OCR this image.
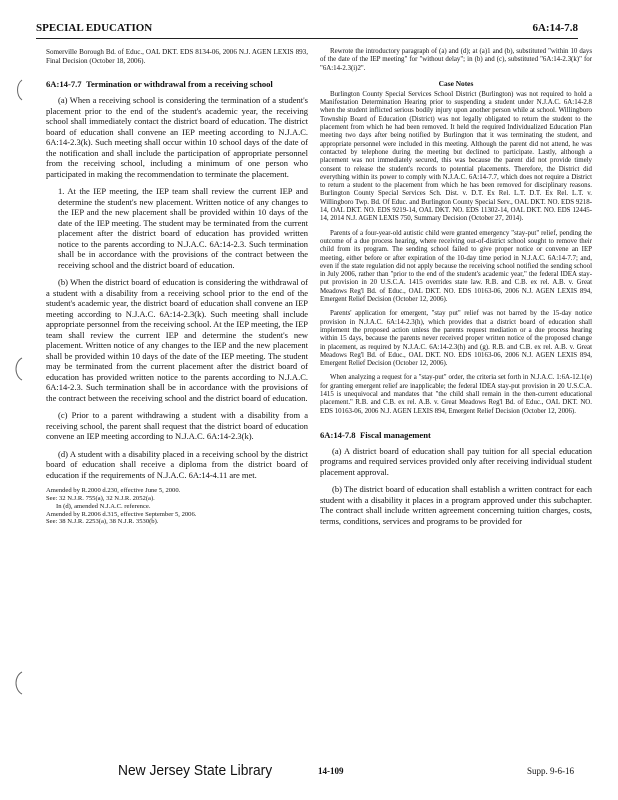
SPECIAL EDUCATION	6A:14-7.8

Somerville Borough Bd. of Educ., OAL DKT. EDS 8134-06, 2006 N.J. AGEN LEXIS 893, Final Decision (October 18, 2006).

6A:14-7.7 Termination or withdrawal from a receiving school

(a) When a receiving school is considering the termination of a student's placement prior to the end of the student's academic year, the receiving school shall immediately contact the district board of education. The district board of education shall convene an IEP meeting according to N.J.A.C. 6A:14-2.3(k). Such meeting shall occur within 10 school days of the date of the notification and shall include the participation of appropriate personnel from the receiving school, including a minimum of one person who participated in making the recommendation to terminate the placement.

1. At the IEP meeting, the IEP team shall review the current IEP and determine the student's new placement. Written notice of any changes to the IEP and the new placement shall be provided within 10 days of the date of the IEP meeting. The student may be terminated from the current placement after the district board of education has provided written notice to the parents according to N.J.A.C. 6A:14-2.3. Such termination shall be in accordance with the provisions of the contract between the receiving school and the district board of education.

(b) When the district board of education is considering the withdrawal of a student with a disability from a receiving school prior to the end of the student's academic year, the district board of education shall convene an IEP meeting according to N.J.A.C. 6A:14-2.3(k). Such meeting shall include appropriate personnel from the receiving school. At the IEP meeting, the IEP team shall review the current IEP and determine the student's new placement. Written notice of any changes to the IEP and the new placement shall be provided within 10 days of the date of the IEP meeting. The student may be terminated from the current placement after the district board of education has provided written notice to the parents according to N.J.A.C. 6A:14-2.3. Such termination shall be in accordance with the provisions of the contract between the receiving school and the district board of education.

(c) Prior to a parent withdrawing a student with a disability from a receiving school, the parent shall request that the district board of education convene an IEP meeting according to N.J.A.C. 6A:14-2.3(k).

(d) A student with a disability placed in a receiving school by the district board of education shall receive a diploma from the district board of education if the requirements of N.J.A.C. 6A:14-4.11 are met.

Amended by R.2000 d.230, effective June 5, 2000.
See: 32 N.J.R. 755(a), 32 N.J.R. 2052(a).
In (d), amended N.J.A.C. reference.
Amended by R.2006 d.315, effective September 5, 2006.
See: 38 N.J.R. 2253(a), 38 N.J.R. 3530(b).

Rewrote the introductory paragraph of (a) and (d); at (a)1 and (b), substituted "within 10 days of the date of the IEP meeting" for "without delay"; in (b) and (c), substituted "6A:14-2.3(k)" for "6A:14-2.3(i)2".

Case Notes

Burlington County Special Services School District (Burlington) was not required to hold a Manifestation Determination Hearing prior to suspending a student under N.J.A.C. 6A:14-2.8 when the student inflicted serious bodily injury upon another person while at school. Willingboro Township Board of Education (District) was not legally obligated to return the student to the placement from which he had been removed. It held the required Individualized Education Plan meeting two days after being notified by Burlington that it was terminating the student, and appropriate personnel were included in this meeting. Although the parent did not attend, he was contacted by telephone during the meeting but declined to participate. Lastly, although a placement was not immediately secured, this was because the parent did not provide timely consent to release the student's records to potential placements. Therefore, the District did everything within its power to comply with N.J.A.C. 6A:14-7.7, which does not require a District to return a student to the placement from which he has been removed for disciplinary reasons. Burlington County Special Services Sch. Dist. v. D.T. Ex Rel. L.T. D.T. Ex Rel. L.T. v. Willingboro Twp. Bd. Of Educ. and Burlington County Special Serv., OAL DKT. NO. EDS 9218-14, OAL DKT. NO. EDS 9219-14, OAL DKT. NO. EDS 11302-14, OAL DKT. NO. EDS 12445-14, 2014 N.J. AGEN LEXIS 750, Summary Decision (October 27, 2014).

Parents of a four-year-old autistic child were granted emergency "stay-put" relief, pending the outcome of a due process hearing, where receiving out-of-district school sought to remove their child from its program. The sending school failed to give proper notice or convene an IEP meeting, either before or after expiration of the 10-day time period in N.J.A.C. 6A:14-7.7; and, even if the state regulation did not apply because the receiving school notified the sending school in July 2006, rather than "prior to the end of the student's academic year," the federal IDEA stay-put provision in 20 U.S.C.A. 1415 overrides state law. R.B. and C.B. ex rel. A.B. v. Great Meadows Reg'l Bd. of Educ., OAL DKT. NO. EDS 10163-06, 2006 N.J. AGEN LEXIS 894, Emergent Relief Decision (October 12, 2006).

Parents' application for emergent, "stay put" relief was not barred by the 15-day notice provision in N.J.A.C. 6A:14-2.3(h), which provides that a district board of education shall implement the proposed action unless the parents request mediation or a due process hearing within 15 days, because the parents never received proper written notice of the proposed change in placement, as required by N.J.A.C. 6A:14-2.3(h) and (g). R.B. and C.B. ex rel. A.B. v. Great Meadows Reg'l Bd. of Educ., OAL DKT. NO. EDS 10163-06, 2006 N.J. AGEN LEXIS 894, Emergent Relief Decision (October 12, 2006).

When analyzing a request for a "stay-put" order, the criteria set forth in N.J.A.C. 1:6A-12.1(e) for granting emergent relief are inapplicable; the federal IDEA stay-put provision in 20 U.S.C.A. 1415 is unequivocal and mandates that "the child shall remain in the then-current educational placement." R.B. and C.B. ex rel. A.B. v. Great Meadows Reg'l Bd. of Educ., OAL DKT. NO. EDS 10163-06, 2006 N.J. AGEN LEXIS 894, Emergent Relief Decision (October 12, 2006).

6A:14-7.8 Fiscal management

(a) A district board of education shall pay tuition for all special education programs and required services provided only after receiving individual student placement approval.

(b) The district board of education shall establish a written contract for each student with a disability it places in a program approved under this subchapter. The contract shall include written agreement concerning tuition charges, costs, terms, conditions, services and programs to be provided for

New Jersey State Library	14-109	Supp. 9-6-16
